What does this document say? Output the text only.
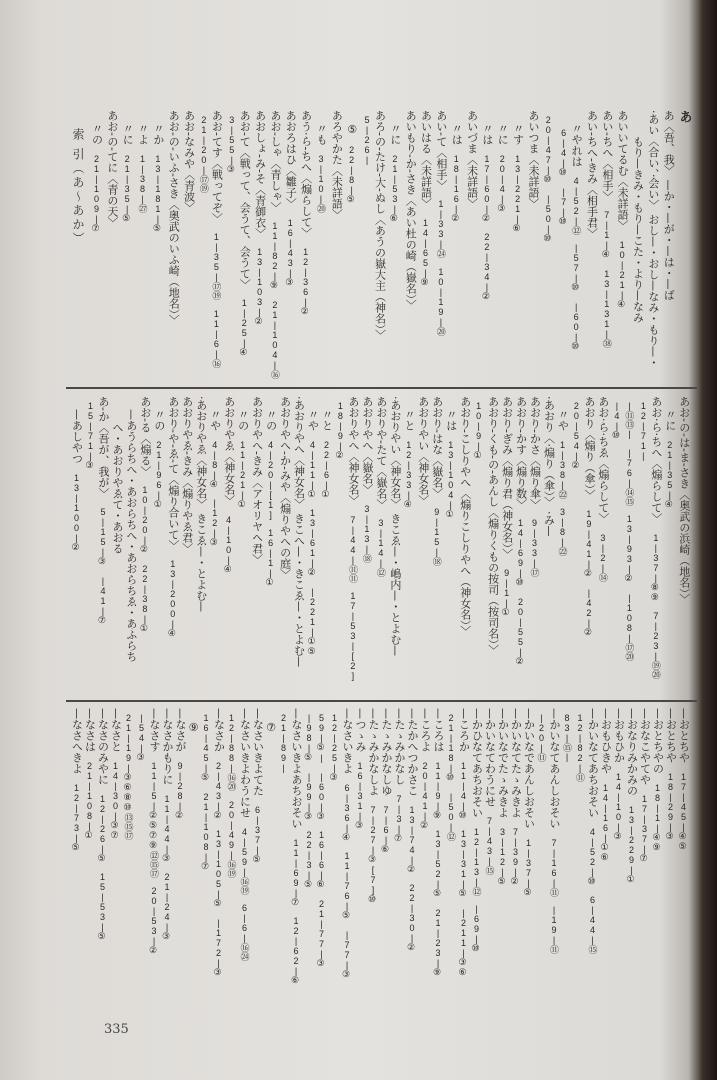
索 引（あ〜あか）
あ
あ〈吾、我〉 —か・—が・—は・—ば
·あい〈合い、·会い〉 おし—・おし—なみ・もり—・
もり—きみ・もり—こた・より—なみ
あいいてるむ〈未詳語〉 10|21|④
あい-ちへ〈相手〉 7|1|④ 13|131|㊳
あい-ちへ-きみ〈相手君〉
〃やれは 4|52|⑫ |57|⑩ |60|⑩ 6|4|⑩ |7|⑩
20|47|⑩ |50|⑩
あいつま〈未詳語〉
〃す 13|221|⑥
〃に 20|4|③
〃は 17|60|② 22|34|②
あいづま〈未詳語〉
〃は 18|16|②
あい-て〈相手〉 1|33|㉔ 10|19|⑳
あいはる〈未詳語〉 14|65|⑨
あいもり-か-さき〈あい杜の崎（嶽名）〉
〃に 21|53|⑥
あろ-の-たけ-大-ぬし〈あうの嶽大主（神名）〉 5|26|
⑤ 22|8|⑤
あろやかた〈未詳語〉
〃も 3|10|⑳
あう·ら-ちへ〈煽らして〉 12|36|②
あおろはひ〈雛子〉 16|43|③
あお-しゃ〈青しゃ〉 11|82|⑨ 21|104|⑯
あおしょ-み-そ〈青御衣〉 13|103|②
あお-て〈戦って、会うて、会うて〉 1|25|④ 3|55|③
あお-てす〈戦ってぞ〉 1|35|⑰⑲ 11|6|⑯ 21|20|⑰⑲
あお-なみや〈青波〉
あお-の-いふ-さき〈奥武のいふ崎（地名）〉
〃か 13|181|⑤
〃よ 1|38|㉗
〃に 21|35|⑤
あお-の-てに〈青の天〉
〃の 21|109|⑦
あお-の-は-ま-さき〈奥武の浜崎（地名）〉
〃に 21|35|④
あお·ら·ちへ〈煽らして〉 1|37|⑧⑨ 7|23|⑲⑳ 12|71|
|⑪⑬| |76|⑭⑮ 13|93|② |108|⑰⑳ |4|⑩
あお·ら·ちゑ〈煽らして〉 3|2|⑭
あおり〈煽り（傘）〉 19|41|② |42|② 20|54|②
〃や 1|38|㉒ 3|8|㉒
·あおり〈·煽り（傘）〉 ·み—
あおり-かさ〈煽り傘〉 9|33|⑰
あおり-かす〈煽り数〉 14|69|⑩ 20|55|②
あおり-ぎみ〈煽り君（神女名）〉 9|1|①
あおり-くも-の-あんし〈煽りくもの按司（按司名）〉
10|9|①
あおり-こしりやへ〈煽りこしりやへ（神女名）〉
〃は 13|104|①
あおり-はな〈嶽名〉 9|15|⑱
あおりやい〈神女名〉
〃と 12|33|④
·あおりやい〈神女名〉 きこゑ—・嶋内—・とよむ—
あおりや-たて〈嶽名〉 3|14|⑫
あおりやへ〈嶽名〉 3|13|⑱
あおりやへ〈神女名〉 7|44|⑪⑪ 17|53|[2] 18|9|②
〃と 22|6|①
〃や 4|11|① 13|61|② |221|①⑤
·あおりやへ〈神女名〉 きこへ—・きこゑ—・とよむ—
あおりやへ-か-みや〈煽りやへの庭〉
〃の 4|20|[1] 16|1|①
あおりやへ-きみ〈アオリヤヘ君〉
〃の 11|21|①
あおりやゑ〈神女名〉 4|10|④
〃や 4|8|④ |12|③
·あおりやゑ〈神女名〉 きこゑ—・とよむ—
あおりやゑ-きみ〈煽りやゑ君〉
あおり-や-ゑ-て〈煽り合いて〉 13|200|④
〃の 21|96|①
あお-る〈煽る〉 10|20|② 22|38|①
—あうらちへ・あおらちへ・あおらちゑ・あふらち
へ・あおりやゑて・あおる
あ-か〈吾が、我が〉 5|15|③ |41|⑦ 15|71|③
—あしやつ 13|100|②
—おとちや 17|45|④⑤
—おとちや 18|29|③
—おとちやの 18|1|④⑨
—おなこやてや 17|37|⑦
—おなりみかみの 13|229|①
—おもひか 14|10|③
—おもひきや 14|16|①⑥
—かいなてあちおそい 4|52|⑩ 6|44|⑮ 12|82|⑪
83|⑮|
—かいなてあんしおそい 7|16|⑪ |19|⑪ |20|⑪
—かいなであんしおそい 1|37|⑤
—かいなてたゝみきよ 7|39|②
—かいなでたゝみきよ 3|12|⑤
—かいなてわうにせ 7|43|⑮
—かひなてあちおそい 12|13|⑫ |69|⑩
—ころか 11|4|⑩ 13|31|⑤ |211|③⑥ 21|18|⑩ |50|⑫
—ころは 11|9|⑨ 13|52|⑤ 21|23|⑨
—ころよ 20|41|②
—たかへつかさこ 13|74|② 22|30|②
—たゝみかなし 7|3|⑦
—たゝみかなしゆ 7|6|⑥
—たゝみかなしよ 7|27|③[7]⑩
—つゝみ 16|31|③
—なさいきよ 6|36|④ 11|76|⑤ |77|③ 12|25|③
59|⑤| |60|③ 16|6|⑥ 21|77|③ |98|⑤ |99|③ 22|3|⑤
—なさいきよあちおそい 11|69|⑦ 12|62|⑥ 21|89|
⑦
—なさいきよてた 6|37|⑤
—なさいきよわうにせ 4|59|⑯⑲ 6|6|⑯㉔
12|88|⑯⑳ 20|49|⑯⑲
—なさか 2|43|② 13|105|⑤ |172|③ 16|45|⑤ 21|108|⑦
⑨
—なさが 9|28|②
—なさかもりに 11|44|③ 21|24|③
—なさす 11|5|②⑤⑦⑨⑫⑮⑰ 20|53|② |54|③
21|19|③⑥⑧⑩⑬⑮⑰
—なさと 14|30|③⑦
—なさのみやに 12|26|⑤ 15|53|⑤
—なさは 21|108|①
—なさへきよ 12|73|⑤
335
